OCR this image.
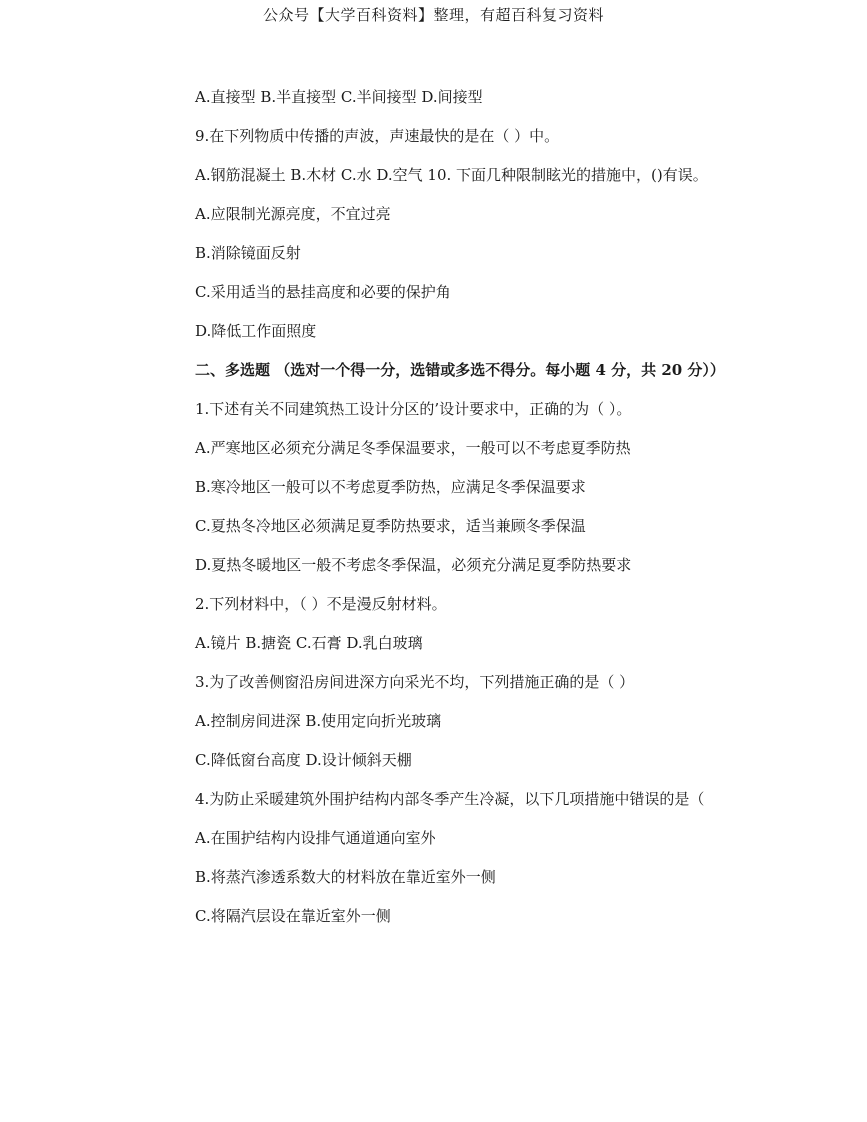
公众号【大学百科资料】整理，有超百科复习资料

A.直接型 B.半直接型 C.半间接型 D.间接型

9.在下列物质中传播的声波，声速最快的是在（ ）中。

A.钢筋混凝土 B.木材 C.水 D.空气 10. 下面几种限制眩光的措施中，()有误。

A.应限制光源亮度，不宜过亮

B.消除镜面反射

C.采用适当的悬挂高度和必要的保护角

D.降低工作面照度

二、多选题 （选对一个得一分，选错或多选不得分。每小题 4 分，共 20 分））

1.下述有关不同建筑热工设计分区的’设计要求中，正确的为（ ）。

A.严寒地区必须充分满足冬季保温要求，一般可以不考虑夏季防热

B.寒冷地区一般可以不考虑夏季防热，应满足冬季保温要求

C.夏热冬冷地区必须满足夏季防热要求，适当兼顾冬季保温

D.夏热冬暖地区一般不考虑冬季保温，必须充分满足夏季防热要求

2.下列材料中，（ ）不是漫反射材料。

A.镜片 B.搪瓷 C.石膏 D.乳白玻璃

3.为了改善侧窗沿房间进深方向采光不均，下列措施正确的是（ ）

A.控制房间进深 B.使用定向折光玻璃

C.降低窗台高度 D.设计倾斜天棚

4.为防止采暖建筑外围护结构内部冬季产生冷凝，以下几项措施中错误的是（

A.在围护结构内设排气通道通向室外

B.将蒸汽渗透系数大的材料放在靠近室外一侧

C.将隔汽层设在靠近室外一侧
